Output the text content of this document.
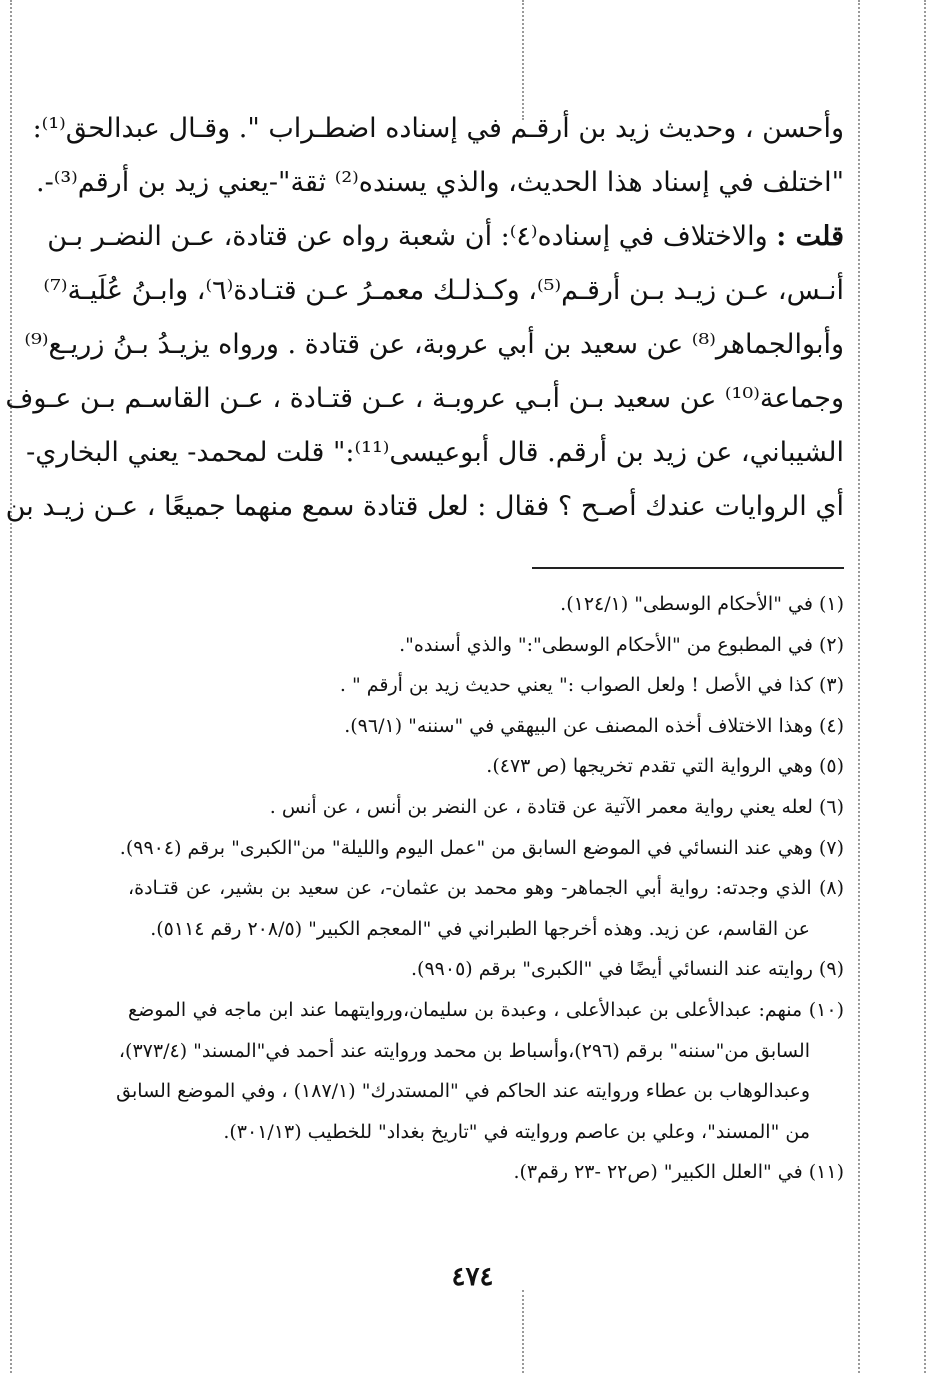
وأحسن ، وحديث زيد بن أرقـم في إسناده اضطـراب ". وقـال عبدالحق⁽¹⁾:
"اختلف في إسناد هذا الحديث، والذي يسنده⁽²⁾ ثقة"-يعني زيد بن أرقم⁽³⁾-.
قلت : والاختلاف في إسناده⁽٤⁾: أن شعبة رواه عن قتادة، عـن النضـر بـن
أنـس، عـن زيـد بـن أرقـم⁽⁵⁾، وكـذلـك معمـرُ عـن قتـادة⁽٦⁾، وابـنُ عُلَيـة⁽⁷⁾
وأبوالجماهر⁽⁸⁾ عن سعيد بن أبي عروبة، عن قتادة . ورواه يزيـدُ بـنُ زريـع⁽⁹⁾
وجماعة⁽¹⁰⁾ عن سعيد بـن أبـي عروبـة ، عـن قتـادة ، عـن القاسـم بـن عـوف
الشيباني، عن زيد بن أرقم. قال أبوعيسى⁽¹¹⁾:" قلت لمحمد- يعني البخاري-
أي الروايات عندك أصـح ؟ فقال : لعل قتادة سمع منهما جميعًا ، عـن زيـد بن
(١) في "الأحكام الوسطى" (١٢٤/١).
(٢) في المطبوع من "الأحكام الوسطى":" والذي أسنده".
(٣) كذا في الأصل ! ولعل الصواب :" يعني حديث زيد بن أرقم " .
(٤) وهذا الاختلاف أخذه المصنف عن البيهقي في "سننه" (٩٦/١).
(٥) وهي الرواية التي تقدم تخريجها (ص ٤٧٣).
(٦) لعله يعني رواية معمر الآتية عن قتادة ، عن النضر بن أنس ، عن أنس .
(٧) وهي عند النسائي في الموضع السابق من "عمل اليوم والليلة" من"الكبرى" برقم (٩٩٠٤).
(٨) الذي وجدته: رواية أبي الجماهر- وهو محمد بن عثمان-، عن سعيد بن بشير، عن قتـادة،
عن القاسم، عن زيد. وهذه أخرجها الطبراني في "المعجم الكبير" (٢٠٨/٥ رقم ٥١١٤).
(٩) روايته عند النسائي أيضًا في "الكبرى" برقم (٩٩٠٥).
(١٠) منهم: عبدالأعلى بن عبدالأعلى ، وعبدة بن سليمان،وروايتهما عند ابن ماجه في الموضع
السابق من"سننه" برقم (٢٩٦)،وأسباط بن محمد وروايته عند أحمد في"المسند" (٣٧٣/٤)،
وعبدالوهاب بن عطاء وروايته عند الحاكم في "المستدرك" (١٨٧/١) ، وفي الموضع السابق
من "المسند"، وعلي بن عاصم وروايته في "تاريخ بغداد" للخطيب (٣٠١/١٣).
(١١) في "العلل الكبير" (ص٢٢ -٢٣ رقم٣).
٤٧٤
